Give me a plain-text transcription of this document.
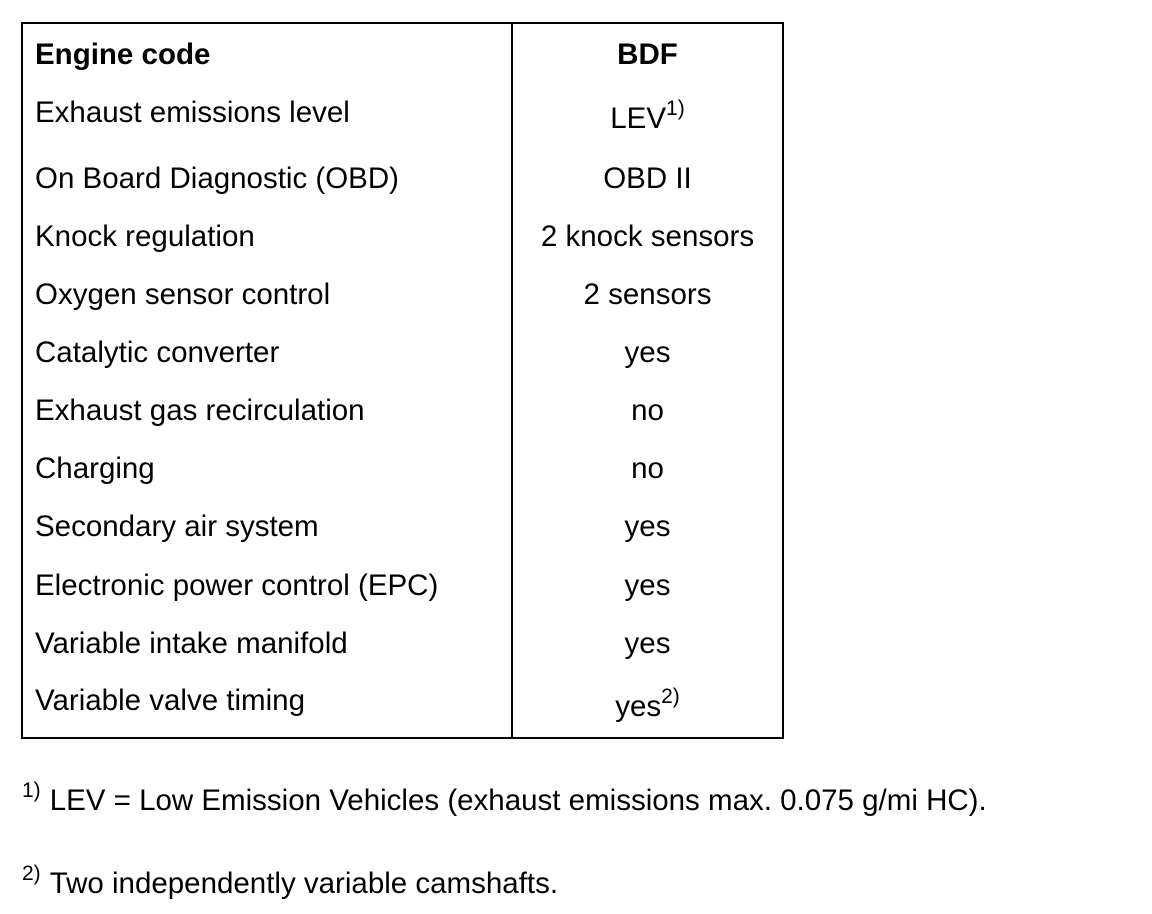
Engine code	BDF
Exhaust emissions level	LEV$^{1)}$
On Board Diagnostic (OBD)	OBD II
Knock regulation	2 knock sensors
Oxygen sensor control	2 sensors
Catalytic converter	yes
Exhaust gas recirculation	no
Charging	no
Secondary air system	yes
Electronic power control (EPC)	yes
Variable intake manifold	yes
Variable valve timing	yes$^{2)}$
$^{1)}$ LEV = Low Emission Vehicles (exhaust emissions max. 0.075 g/mi HC).
$^{2)}$ Two independently variable camshafts.
